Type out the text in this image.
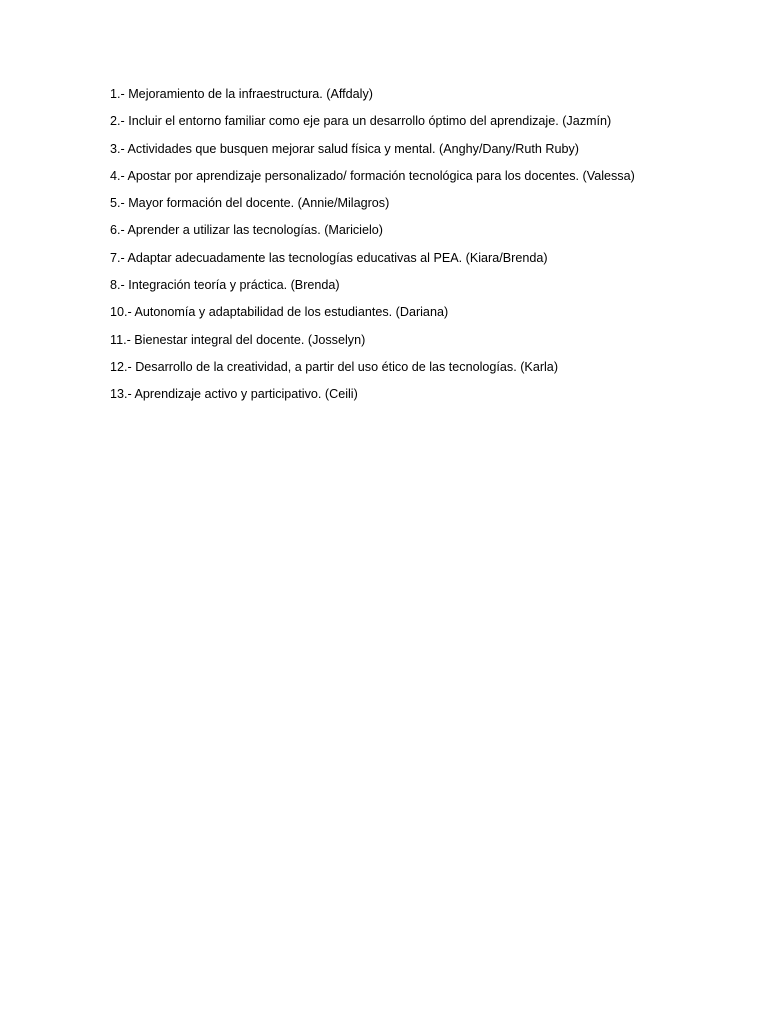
1.- Mejoramiento de la infraestructura. (Affdaly)
2.- Incluir el entorno familiar como eje para un desarrollo óptimo del aprendizaje. (Jazmín)
3.- Actividades que busquen mejorar salud física y mental. (Anghy/Dany/Ruth Ruby)
4.- Apostar por aprendizaje personalizado/ formación tecnológica para los docentes. (Valessa)
5.- Mayor formación del docente. (Annie/Milagros)
6.- Aprender a utilizar las tecnologías. (Maricielo)
7.- Adaptar adecuadamente las tecnologías educativas al PEA. (Kiara/Brenda)
8.- Integración teoría y práctica. (Brenda)
10.- Autonomía y adaptabilidad de los estudiantes. (Dariana)
11.- Bienestar integral del docente. (Josselyn)
12.- Desarrollo de la creatividad, a partir del uso ético de las tecnologías. (Karla)
13.- Aprendizaje activo y participativo. (Ceili)
